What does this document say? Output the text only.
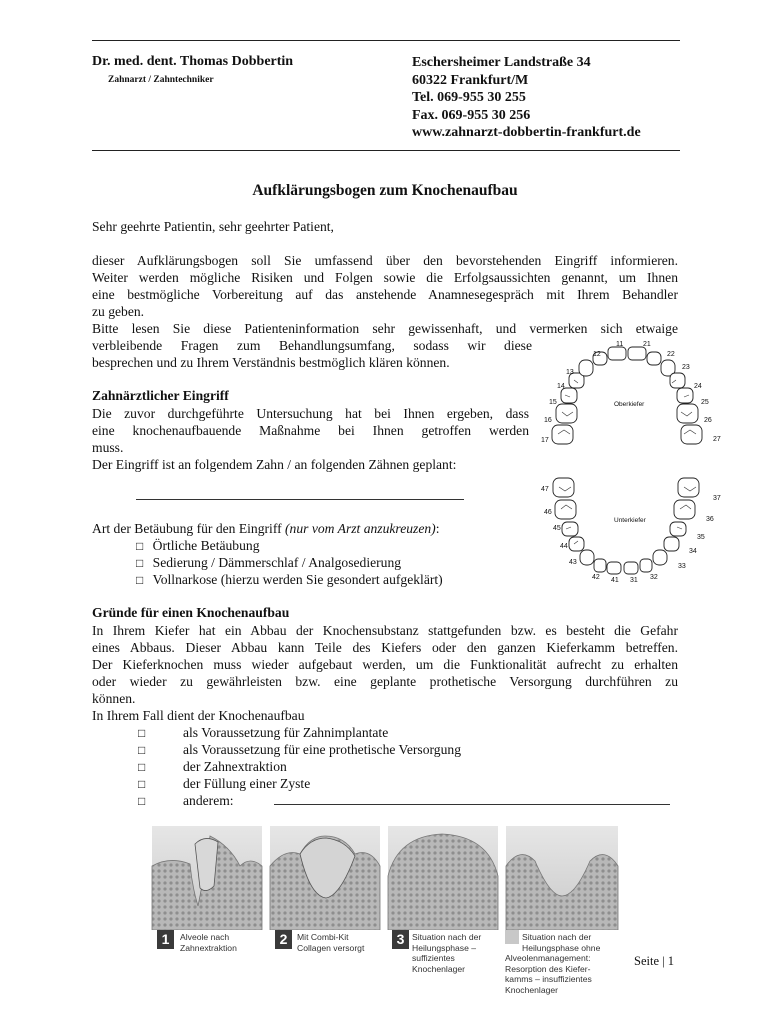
Dr. med. dent. Thomas Dobbertin
Zahnarzt / Zahntechniker
Eschersheimer Landstraße 34
60322 Frankfurt/M
Tel. 069-955 30 255
Fax. 069-955 30 256
www.zahnarzt-dobbertin-frankfurt.de
Aufklärungsbogen zum Knochenaufbau
Sehr geehrte Patientin, sehr geehrter Patient,
dieser Aufklärungsbogen soll Sie umfassend über den bevorstehenden Eingriff informieren.
Weiter werden mögliche Risiken und Folgen sowie die Erfolgsaussichten genannt, um Ihnen
eine bestmögliche Vorbereitung auf das anstehende Anamnesegespräch mit Ihrem Behandler
zu geben.
Bitte lesen Sie diese Patienteninformation sehr gewissenhaft, und vermerken sich etwaige
verbleibende Fragen zum Behandlungsumfang, sodass wir diese
besprechen und zu Ihrem Verständnis bestmöglich klären können.
Zahnärztlicher Eingriff
Die zuvor durchgeführte Untersuchung hat bei Ihnen ergeben, dass
eine knochenaufbauende Maßnahme bei Ihnen getroffen werden
muss.
Der Eingriff ist an folgendem Zahn / an folgenden Zähnen geplant:
Oberkiefer
Unterkiefer
17
16
15
14
13
12
11	21
22
23
24
25
26
27
47
46
45
44
43
42 41 31 32
33
34
35
36
37
Art der Betäubung für den Eingriff (nur vom Arzt anzukreuzen):
□ Örtliche Betäubung
□ Sedierung / Dämmerschlaf / Analgosedierung
□ Vollnarkose (hierzu werden Sie gesondert aufgeklärt)
Gründe für einen Knochenaufbau
In Ihrem Kiefer hat ein Abbau der Knochensubstanz stattgefunden bzw. es besteht die Gefahr
eines Abbaus. Dieser Abbau kann Teile des Kiefers oder den ganzen Kieferkamm betreffen.
Der Kieferknochen muss wieder aufgebaut werden, um die Funktionalität aufrecht zu erhalten
oder wieder zu gewährleisten bzw. eine geplante prothetische Versorgung durchführen zu
können.
In Ihrem Fall dient der Knochenaufbau
□	als Voraussetzung für Zahnimplantate
□	als Voraussetzung für eine prothetische Versorgung
□	der Zahnextraktion
□	der Füllung einer Zyste
□	anderem:
1	Alveole nach
Zahnextraktion
2	Mit Combi-Kit
Collagen versorgt
3 Situation nach der
Heilungsphase –
suffizientes
Knochenlager
Situation nach der
Heilungsphase ohne
Alveolenmanagement:
Resorption des Kiefer-
kamms – insuffizientes
Knochenlager
Seite | 1
